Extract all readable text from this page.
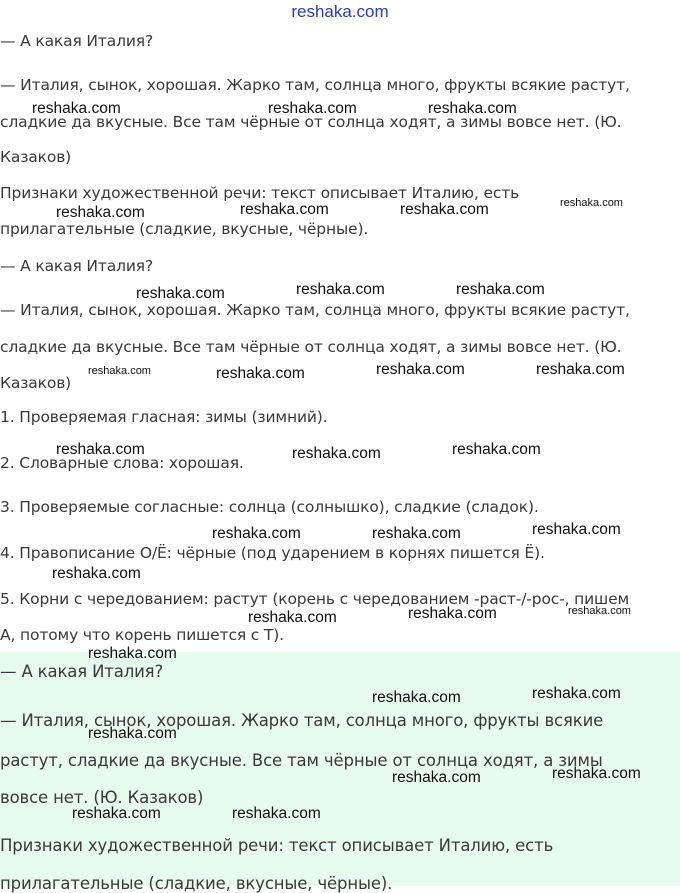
reshaka.com
— А какая Италия?
— Италия, сынок, хорошая. Жарко там, солнца много, фрукты всякие растут,
сладкие да вкусные. Все там чёрные от солнца ходят, а зимы вовсе нет. (Ю.
Казаков)
Признаки художественной речи: текст описывает Италию, есть
прилагательные (сладкие, вкусные, чёрные).
— А какая Италия?
— Италия, сынок, хорошая. Жарко там, солнца много, фрукты всякие растут,
сладкие да вкусные. Все там чёрные от солнца ходят, а зимы вовсе нет. (Ю.
Казаков)
1. Проверяемая гласная: зимы (зимний).
2. Словарные слова: хорошая.
3. Проверяемые согласные: солнца (солнышко), сладкие (сладок).
4. Правописание О/Ё: чёрные (под ударением в корнях пишется Ё).
5. Корни с чередованием: растут (корень с чередованием -раст-/-рос-, пишем
А, потому что корень пишется с Т).
— А какая Италия?
— Италия, сынок, хорошая. Жарко там, солнца много, фрукты всякие
растут, сладкие да вкусные. Все там чёрные от солнца ходят, а зимы
вовсе нет. (Ю. Казаков)
Признаки художественной речи: текст описывает Италию, есть
прилагательные (сладкие, вкусные, чёрные).
reshaka.com	reshaka.com	reshaka.com
reshaka.com	reshaka.com	reshaka.com	reshaka.com
reshaka.com	reshaka.com	reshaka.com
reshaka.com	reshaka.com	reshaka.com	reshaka.com
reshaka.com	reshaka.com	reshaka.com
reshaka.com	reshaka.com	reshaka.com
reshaka.com
reshaka.com	reshaka.com	reshaka.com
reshaka.com
reshaka.com	reshaka.com
reshaka.com
reshaka.com	reshaka.com
reshaka.com	reshaka.com
